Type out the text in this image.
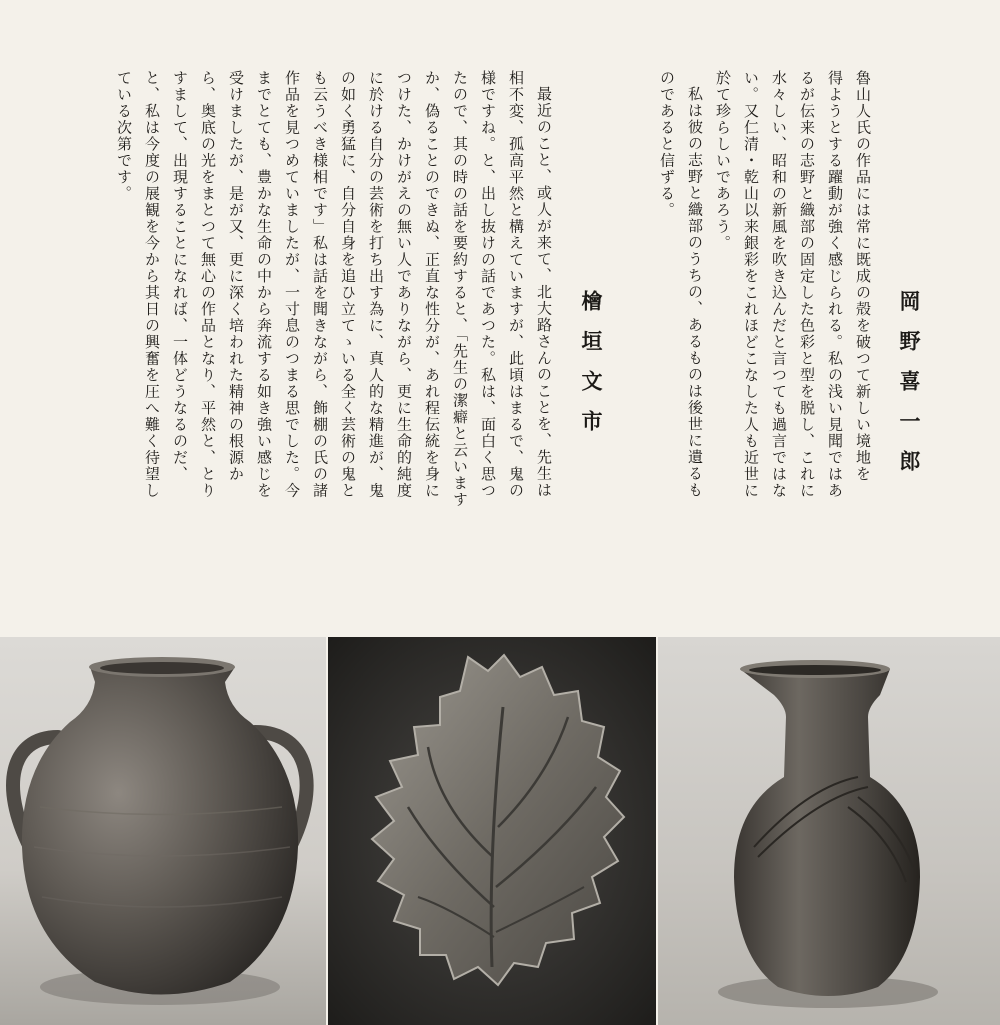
岡野喜一郎
魯山人氏の作品には常に既成の殻を破つて新しい境地を
得ようとする躍動が強く感じられる。私の浅い見聞ではあ
るが伝来の志野と織部の固定した色彩と型を脱し、これに
水々しい、昭和の新風を吹き込んだと言つても過言ではな
い。又仁清・乾山以来銀彩をこれほどこなした人も近世に
於て珍らしいであろう。
私は彼の志野と織部のうちの、あるものは後世に遺るも
のであると信ずる。
檜垣文市
最近のこと、或人が来て、北大路さんのことを、先生は
相不変、孤高平然と構えていますが、此頃はまるで、鬼の
様ですね。と、出し抜けの話であつた。私は、面白く思つ
たので、其の時の話を要約すると、「先生の潔癖と云います
か、偽ることのできぬ、正直な性分が、あれ程伝統を身に
つけた、かけがえの無い人でありながら、更に生命的純度
に於ける自分の芸術を打ち出す為に、真人的な精進が、鬼
の如く勇猛に、自分自身を追ひ立てゝいる全く芸術の鬼と
も云うべき様相です」私は話を聞きながら、飾棚の氏の諸
作品を見つめていましたが、一寸息のつまる思でした。今
までとても、豊かな生命の中から奔流する如き強い感じを
受けましたが、是が又、更に深く培われた精神の根源か
ら、奥底の光をまとつて無心の作品となり、平然と、とり
すまして、出現することになれば、一体どうなるのだ、
と、私は今度の展観を今から其日の興奮を圧へ難く待望し
ている次第です。
